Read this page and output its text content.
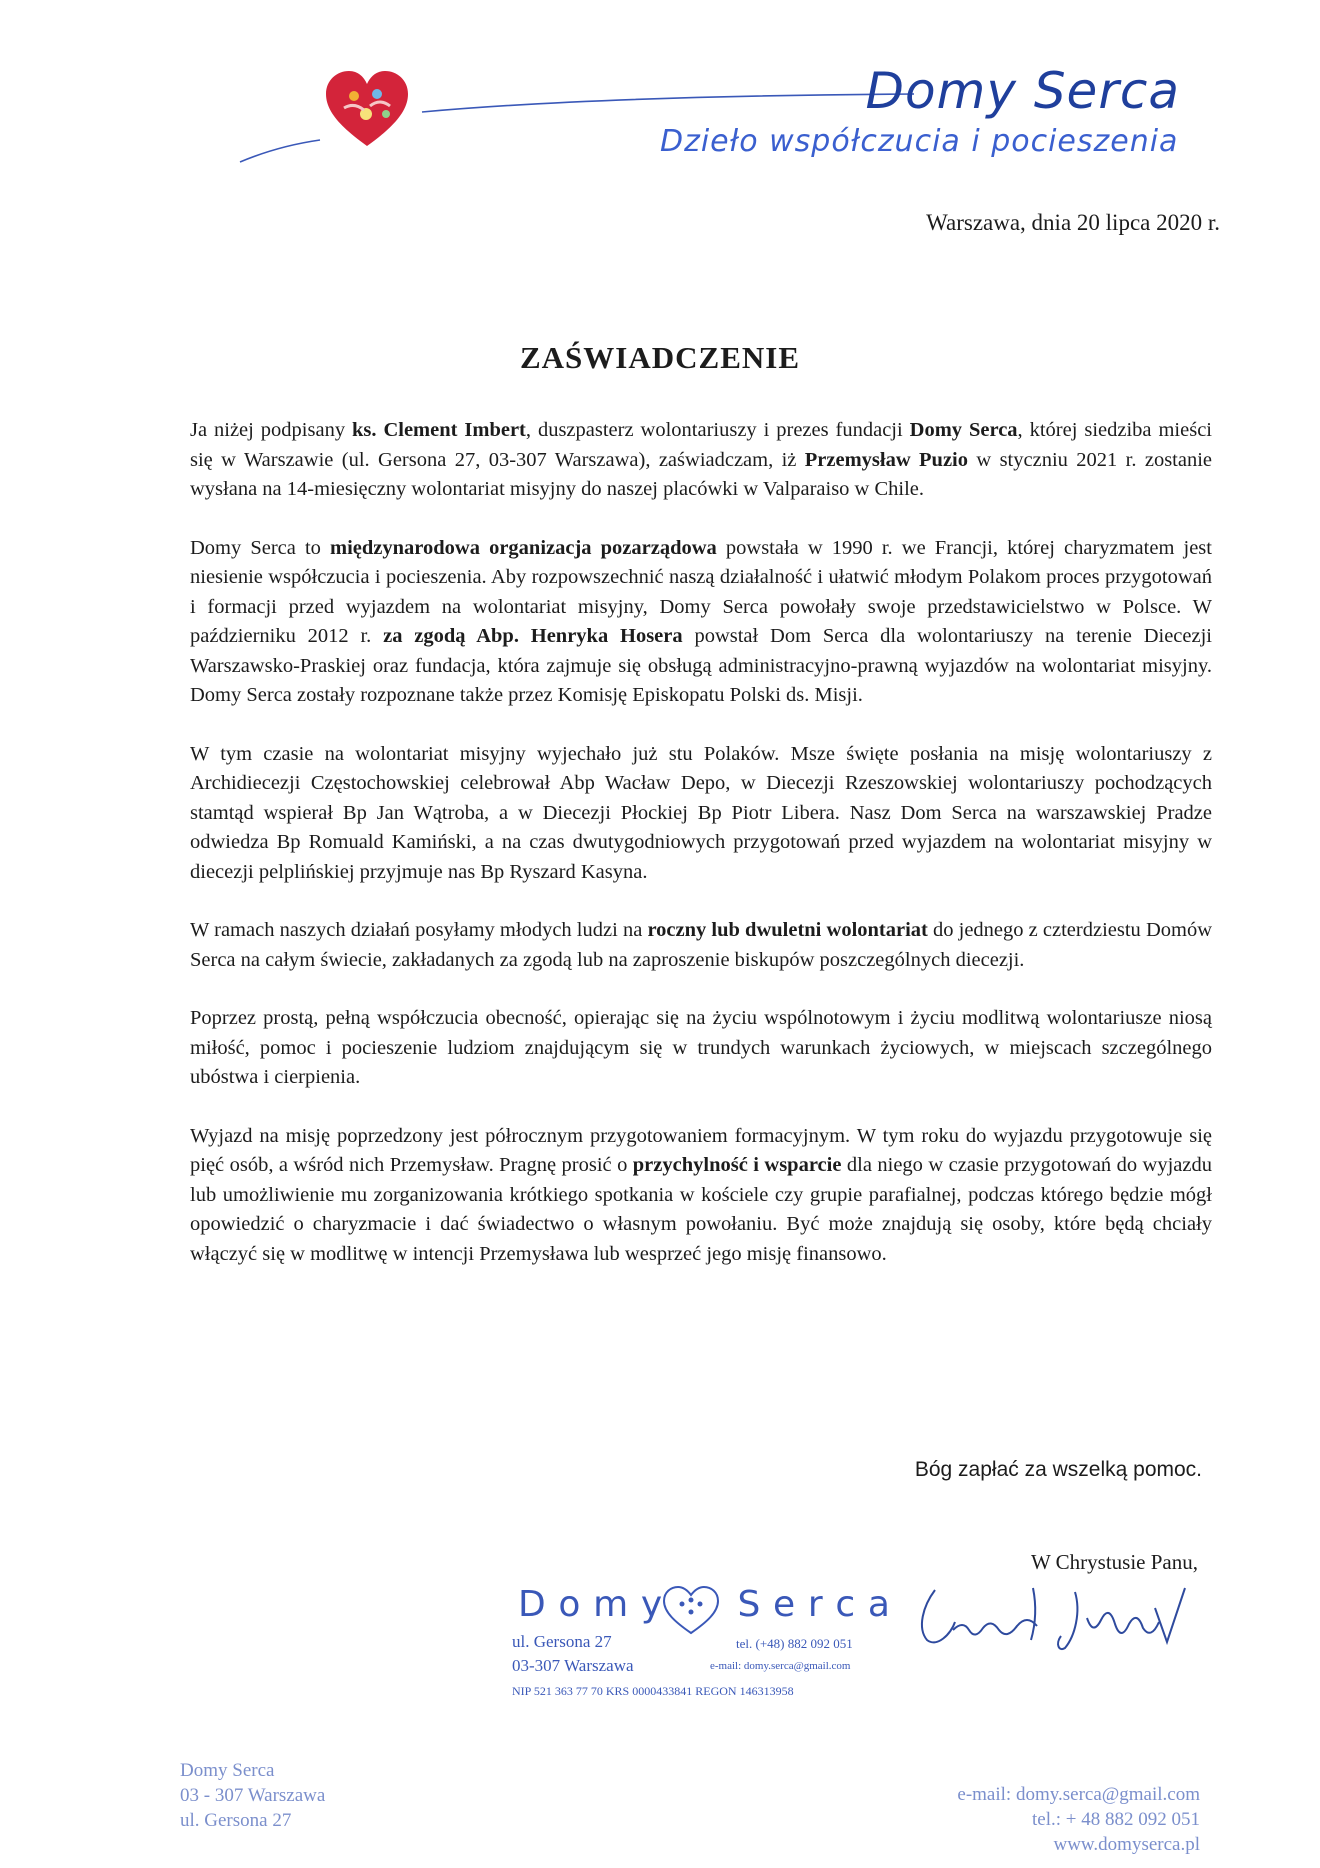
Domy Serca
Dzieło współczucia i pocieszenia
Warszawa, dnia 20 lipca 2020 r.
ZAŚWIADCZENIE

Ja niżej podpisany ks. Clement Imbert, duszpasterz wolontariuszy i prezes fundacji Domy Serca, której siedziba mieści się w Warszawie (ul. Gersona 27, 03-307 Warszawa), zaświadczam, iż Przemysław Puzio w styczniu 2021 r. zostanie wysłana na 14-miesięczny wolontariat misyjny do naszej placówki w Valparaiso w Chile.

Domy Serca to międzynarodowa organizacja pozarządowa powstała w 1990 r. we Francji, której charyzmatem jest niesienie współczucia i pocieszenia. Aby rozpowszechnić naszą działalność i ułatwić młodym Polakom proces przygotowań i formacji przed wyjazdem na wolontariat misyjny, Domy Serca powołały swoje przedstawicielstwo w Polsce. W październiku 2012 r. za zgodą Abp. Henryka Hosera powstał Dom Serca dla wolontariuszy na terenie Diecezji Warszawsko-Praskiej oraz fundacja, która zajmuje się obsługą administracyjno-prawną wyjazdów na wolontariat misyjny. Domy Serca zostały rozpoznane także przez Komisję Episkopatu Polski ds. Misji.

W tym czasie na wolontariat misyjny wyjechało już stu Polaków. Msze święte posłania na misję wolontariuszy z Archidiecezji Częstochowskiej celebrował Abp Wacław Depo, w Diecezji Rzeszowskiej wolontariuszy pochodzących stamtąd wspierał Bp Jan Wątroba, a w Diecezji Płockiej Bp Piotr Libera. Nasz Dom Serca na warszawskiej Pradze odwiedza Bp Romuald Kamiński, a na czas dwutygodniowych przygotowań przed wyjazdem na wolontariat misyjny w diecezji pelplińskiej przyjmuje nas Bp Ryszard Kasyna.

W ramach naszych działań posyłamy młodych ludzi na roczny lub dwuletni wolontariat do jednego z czterdziestu Domów Serca na całym świecie, zakładanych za zgodą lub na zaproszenie biskupów poszczególnych diecezji.

Poprzez prostą, pełną współczucia obecność, opierając się na życiu wspólnotowym i życiu modlitwą wolontariusze niosą miłość, pomoc i pocieszenie ludziom znajdującym się w trundych warunkach życiowych, w miejscach szczególnego ubóstwa i cierpienia.

Wyjazd na misję poprzedzony jest półrocznym przygotowaniem formacyjnym. W tym roku do wyjazdu przygotowuje się pięć osób, a wśród nich Przemysław. Pragnę prosić o przychylność i wsparcie dla niego w czasie przygotowań do wyjazdu lub umożliwienie mu zorganizowania krótkiego spotkania w kościele czy grupie parafialnej, podczas którego będzie mógł opowiedzić o charyzmacie i dać świadectwo o własnym powołaniu. Być może znajdują się osoby, które będą chciały włączyć się w modlitwę w intencji Przemysława lub wesprzeć jego misję finansowo.

Bóg zapłać za wszelką pomoc.
W Chrystusie Panu,
D o m y S e r c a
ul. Gersona 27
03-307 Warszawa
tel. (+48) 882 092 051
e-mail: domy.serca@gmail.com
NIP 521 363 77 70 KRS 0000433841 REGON 146313958
Domy Serca
03 - 307 Warszawa
ul. Gersona 27
e-mail: domy.serca@gmail.com
tel.: + 48 882 092 051
www.domyserca.pl
